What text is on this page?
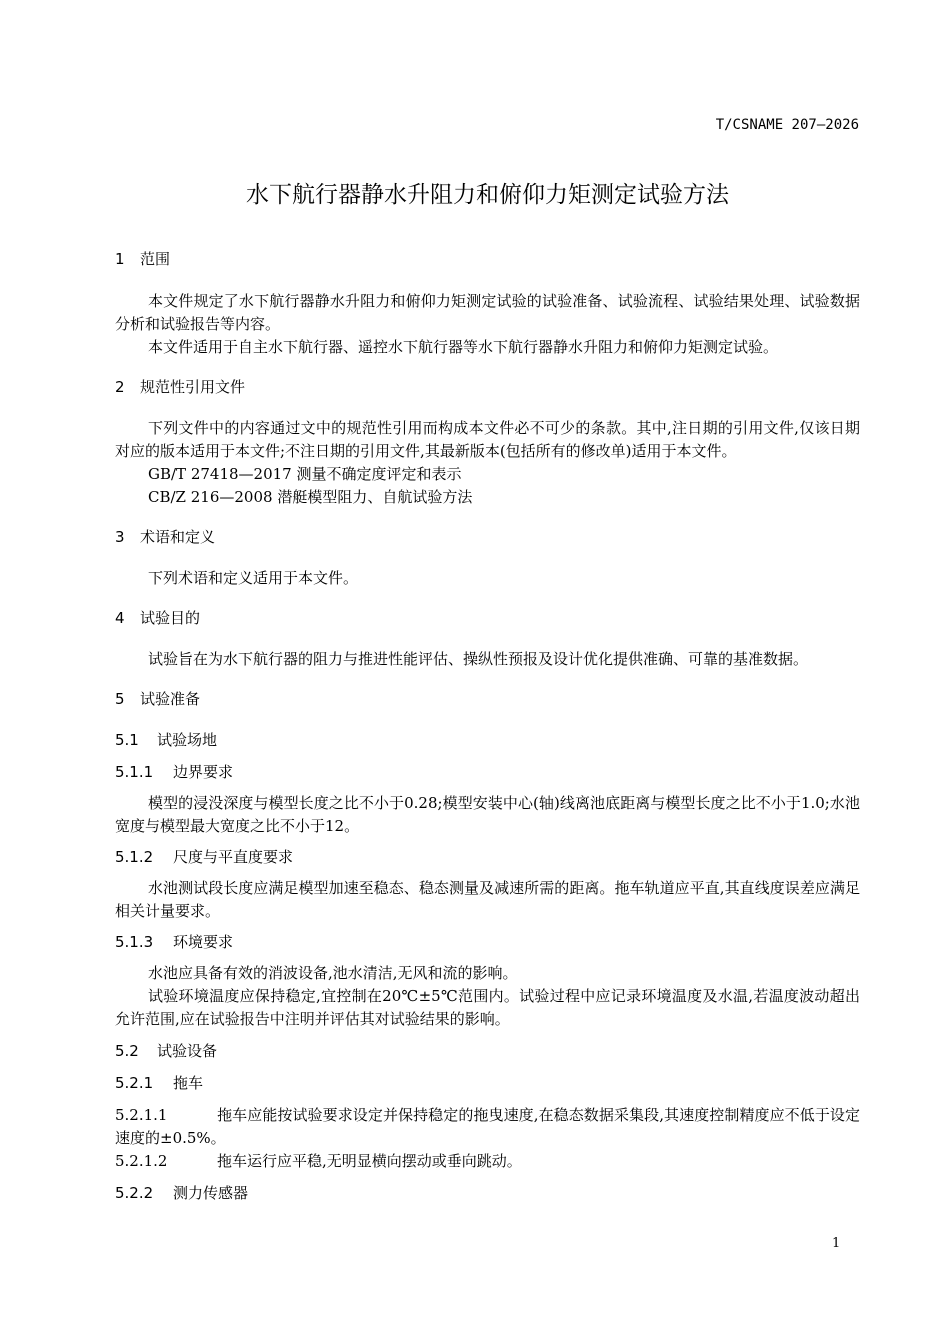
T/CSNAME 207—2026
水下航行器静水升阻力和俯仰力矩测定试验方法
1 范围

本文件规定了水下航行器静水升阻力和俯仰力矩测定试验的试验准备、试验流程、试验结果处理、试验数据分析和试验报告等内容。

本文件适用于自主水下航行器、遥控水下航行器等水下航行器静水升阻力和俯仰力矩测定试验。

2 规范性引用文件

下列文件中的内容通过文中的规范性引用而构成本文件必不可少的条款。其中,注日期的引用文件,仅该日期对应的版本适用于本文件;不注日期的引用文件,其最新版本(包括所有的修改单)适用于本文件。

GB/T 27418—2017 测量不确定度评定和表示

CB/Z 216—2008 潜艇模型阻力、自航试验方法

3 术语和定义

下列术语和定义适用于本文件。

4 试验目的

试验旨在为水下航行器的阻力与推进性能评估、操纵性预报及设计优化提供准确、可靠的基准数据。

5 试验准备
5.1 试验场地
5.1.1 边界要求

模型的浸没深度与模型长度之比不小于0.28;模型安装中心(轴)线离池底距离与模型长度之比不小于1.0;水池宽度与模型最大宽度之比不小于12。

5.1.2 尺度与平直度要求

水池测试段长度应满足模型加速至稳态、稳态测量及减速所需的距离。拖车轨道应平直,其直线度误差应满足相关计量要求。

5.1.3 环境要求

水池应具备有效的消波设备,池水清洁,无风和流的影响。

试验环境温度应保持稳定,宜控制在20℃±5℃范围内。试验过程中应记录环境温度及水温,若温度波动超出允许范围,应在试验报告中注明并评估其对试验结果的影响。

5.2 试验设备
5.2.1 拖车

5.2.1.1	拖车应能按试验要求设定并保持稳定的拖曳速度,在稳态数据采集段,其速度控制精度应不低于设定速度的±0.5%。

5.2.1.2	拖车运行应平稳,无明显横向摆动或垂向跳动。

5.2.2 测力传感器
1
